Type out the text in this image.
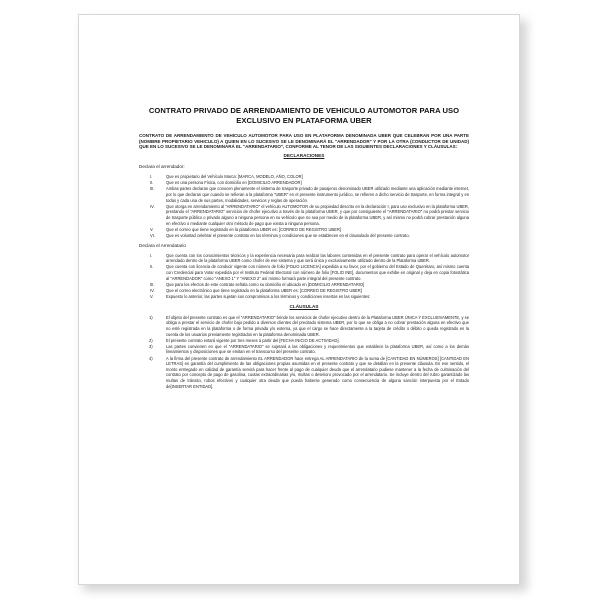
CONTRATO PRIVADO DE ARRENDAMIENTO DE VEHICULO AUTOMOTOR PARA USO EXCLUSIVO EN PLATAFORMA UBER
CONTRATO DE ARRENDAMIENTO DE VEHICULO AUTOMOTOR PARA USO EN PLATAFORMA DENOMINADA UBER QUE CELEBRAN POR UNA PARTE (NOMBRE PROPIETARIO VEHICULO) A QUIEN EN LO SUCESIVO SE LE DENOMINARÁ EL "ARRENDADOR" Y POR LA OTRA (CONDUCTOR DE UNIDAD) QUE EN LO SUCESIVO SE LE DENOMINARÁ EL "ARRENDATARIO", CONFORME AL TENOR DE LAS SIGUIENTES DECLARACIONES Y CLÁUSULAS:
DECLARACIONES
Declara el arrendador:
I.	Que es propietario del Vehículo Marca: [MARCA, MODELO, AÑO, COLOR]
II.	Que es una persona Física, con domicilio en [DOMICILIO ARRENDADOR]
III.	Ambas partes declaran que conocen plenamente el sistema de trasporte privado de pasajeros denominado UBER utilizado mediante una aplicación mediante internet, por lo que declaran que cuando se refieran a la plataforma "UBER" en el presente instrumento jurídico, se refieren a dicho servicio de trasporte, en forma integral y en todas y cada una de sus partes, modalidades, servicios y reglas de operación.
IV.	Que otorga en arrendamiento al "ARRENDATARIO" el vehículo AUTOMOTOR de su propiedad descrito en la declaración I, para uso exclusivo en la plataforma UBER, prestando el "ARRENDATARIO" servicios de chofer ejecutivo a través de la plataforma UBER, y que por consiguiente el "ARRENDATARIO" no podrá prestar servicio de trasporte público o privado alguno a ninguna persona en su vehículo que no sea por medio de la plataforma UBER, y así mismo no podrá cobrar prestación alguna en efectivo o mediante cualquier otro método de pago que exista a ninguna persona.
V.	Que el correo que tiene registrado en la plataforma UBER es: [CORREO DE REGISTRO UBER]
VI.	Que es voluntad celebrar el presente contrato en los términos y condiciones que se establecen en el clausulado del presente contrato.
Declara el Arrendatario
I.	Que cuenta con los conocimientos técnicos y la experiencia necesaria para realizar las labores contenidas en el presente contrato para operar el vehículo automotor arrendado dentro de la plataforma UBER como chofer de ese sistema y que será única y exclusivamente utilizado dentro de la Plataforma UBER.
II.	Que cuenta con licencia de conducir vigente con número de folio [FOLIO LICENCIA] expedida a su favor, por el gobierno del Estado de Querétaro, así mismo cuenta con Credencial para Votar expedida por el Instituto Federal Electoral con número de folio [FOLIO INE], documentos que exhibe en original y deja en copia fotostática al "ARRENDADOR" como "ANEXO 1" Y "ANEXO 2" así mismo formará parte integral del presente contrato.
III.	Que para los efectos de este contrato señala como su domicilio el ubicado en [DOMICILIO ARRENDATARIO]
IV.	Que el correo electrónico que tiene registrado en la plataforma UBER es: [CORREO DE REGISTRO UBER]
V.	Expuesto lo anterior, las partes sujetan sus compromisos a los términos y condiciones insertas en las siguientes:
CLÁUSULAS
1)	El objeto del presente contrato es que el "ARRENDATARIO" brinde los servicios de chofer ejecutivo dentro de la Plataforma UBER ÚNICA Y EXCLUSIVAMENTE, y se obliga a prestar el servicio de chofer bajo pedido a diversos clientes del precitado sistema UBER, por lo que se obliga a no cobrar prestación alguna en efectivo que no esté registrada en la plataforma o de forma privada y/o externa, ya que el cargo se hace directamente a la tarjeta de crédito o débito o queda registrado en la cuenta de los usuarios previamente registrados en la plataforma denominada UBER.
2)	El presente contrato estará vigente por tres meses a partir del [FECHA INICIO DE ACTIVIDAD].
3)	Las partes convienen en que el "ARRENDATARIO" se sujetará a las obligaciones y requerimientos que establece la plataforma UBER, así como a los demás lineamientos y disposiciones que se emitan en el transcurso del presente contrato.
4)	A la firma del presente contrato de arrendamiento EL ARRENDADOR hace entrega AL ARRENDATARIO de la suma de [CANTIDAD EN NÚMEROS] [CANTIDAD EN LETRAS] en garantía del cumplimiento de las obligaciones propias asumidas en el presente contrato y que se detallan en la presente cláusula. En ese sentido, el monto entregado en calidad de garantía servirá para hacer frente al pago de cualquier deuda que el arrendatario pudiese mantener a la fecha de culminación del contrato por concepto de pago de gasolina, cuotas extraordinarias y/o, multas o deterioro provocado por el arrendatario. Se incluye dentro del rubro garantizado las multas de tránsito, robos efectivos y cualquier otra deuda que pueda haberse generado como consecuencia de alguna sanción interpuesta por el Estado de[INSERTAR ENTIDAD].
